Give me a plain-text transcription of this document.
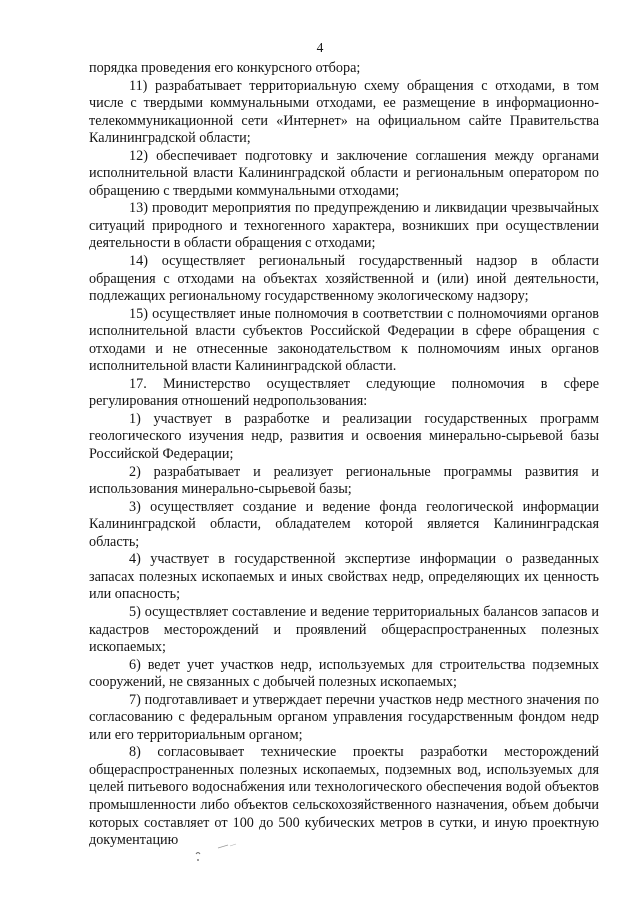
4

порядка проведения его конкурсного отбора;

11) разрабатывает территориальную схему обращения с отходами, в том числе с твердыми коммунальными отходами, ее размещение в информационно-телекоммуникационной сети «Интернет» на официальном сайте Правительства Калининградской области;

12) обеспечивает подготовку и заключение соглашения между органами исполнительной власти Калининградской области и региональным оператором по обращению с твердыми коммунальными отходами;

13) проводит мероприятия по предупреждению и ликвидации чрезвычайных ситуаций природного и техногенного характера, возникших при осуществлении деятельности в области обращения с отходами;

14) осуществляет региональный государственный надзор в области обращения с отходами на объектах хозяйственной и (или) иной деятельности, подлежащих региональному государственному экологическому надзору;

15) осуществляет иные полномочия в соответствии с полномочиями органов исполнительной власти субъектов Российской Федерации в сфере обращения с отходами и не отнесенные законодательством к полномочиям иных органов исполнительной власти Калининградской области.

17. Министерство осуществляет следующие полномочия в сфере регулирования отношений недропользования:

1) участвует в разработке и реализации государственных программ геологического изучения недр, развития и освоения минерально-сырьевой базы Российской Федерации;

2) разрабатывает и реализует региональные программы развития и использования минерально-сырьевой базы;

3) осуществляет создание и ведение фонда геологической информации Калининградской области, обладателем которой является Калининградская область;

4) участвует в государственной экспертизе информации о разведанных запасах полезных ископаемых и иных свойствах недр, определяющих их ценность или опасность;

5) осуществляет составление и ведение территориальных балансов запасов и кадастров месторождений и проявлений общераспространенных полезных ископаемых;

6) ведет учет участков недр, используемых для строительства подземных сооружений, не связанных с добычей полезных ископаемых;

7) подготавливает и утверждает перечни участков недр местного значения по согласованию с федеральным органом управления государственным фондом недр или его территориальным органом;

8) согласовывает технические проекты разработки месторождений общераспространенных полезных ископаемых, подземных вод, используемых для целей питьевого водоснабжения или технологического обеспечения водой объектов промышленности либо объектов сельскохозяйственного назначения, объем добычи которых составляет от 100 до 500 кубических метров в сутки, и иную проектную документацию
